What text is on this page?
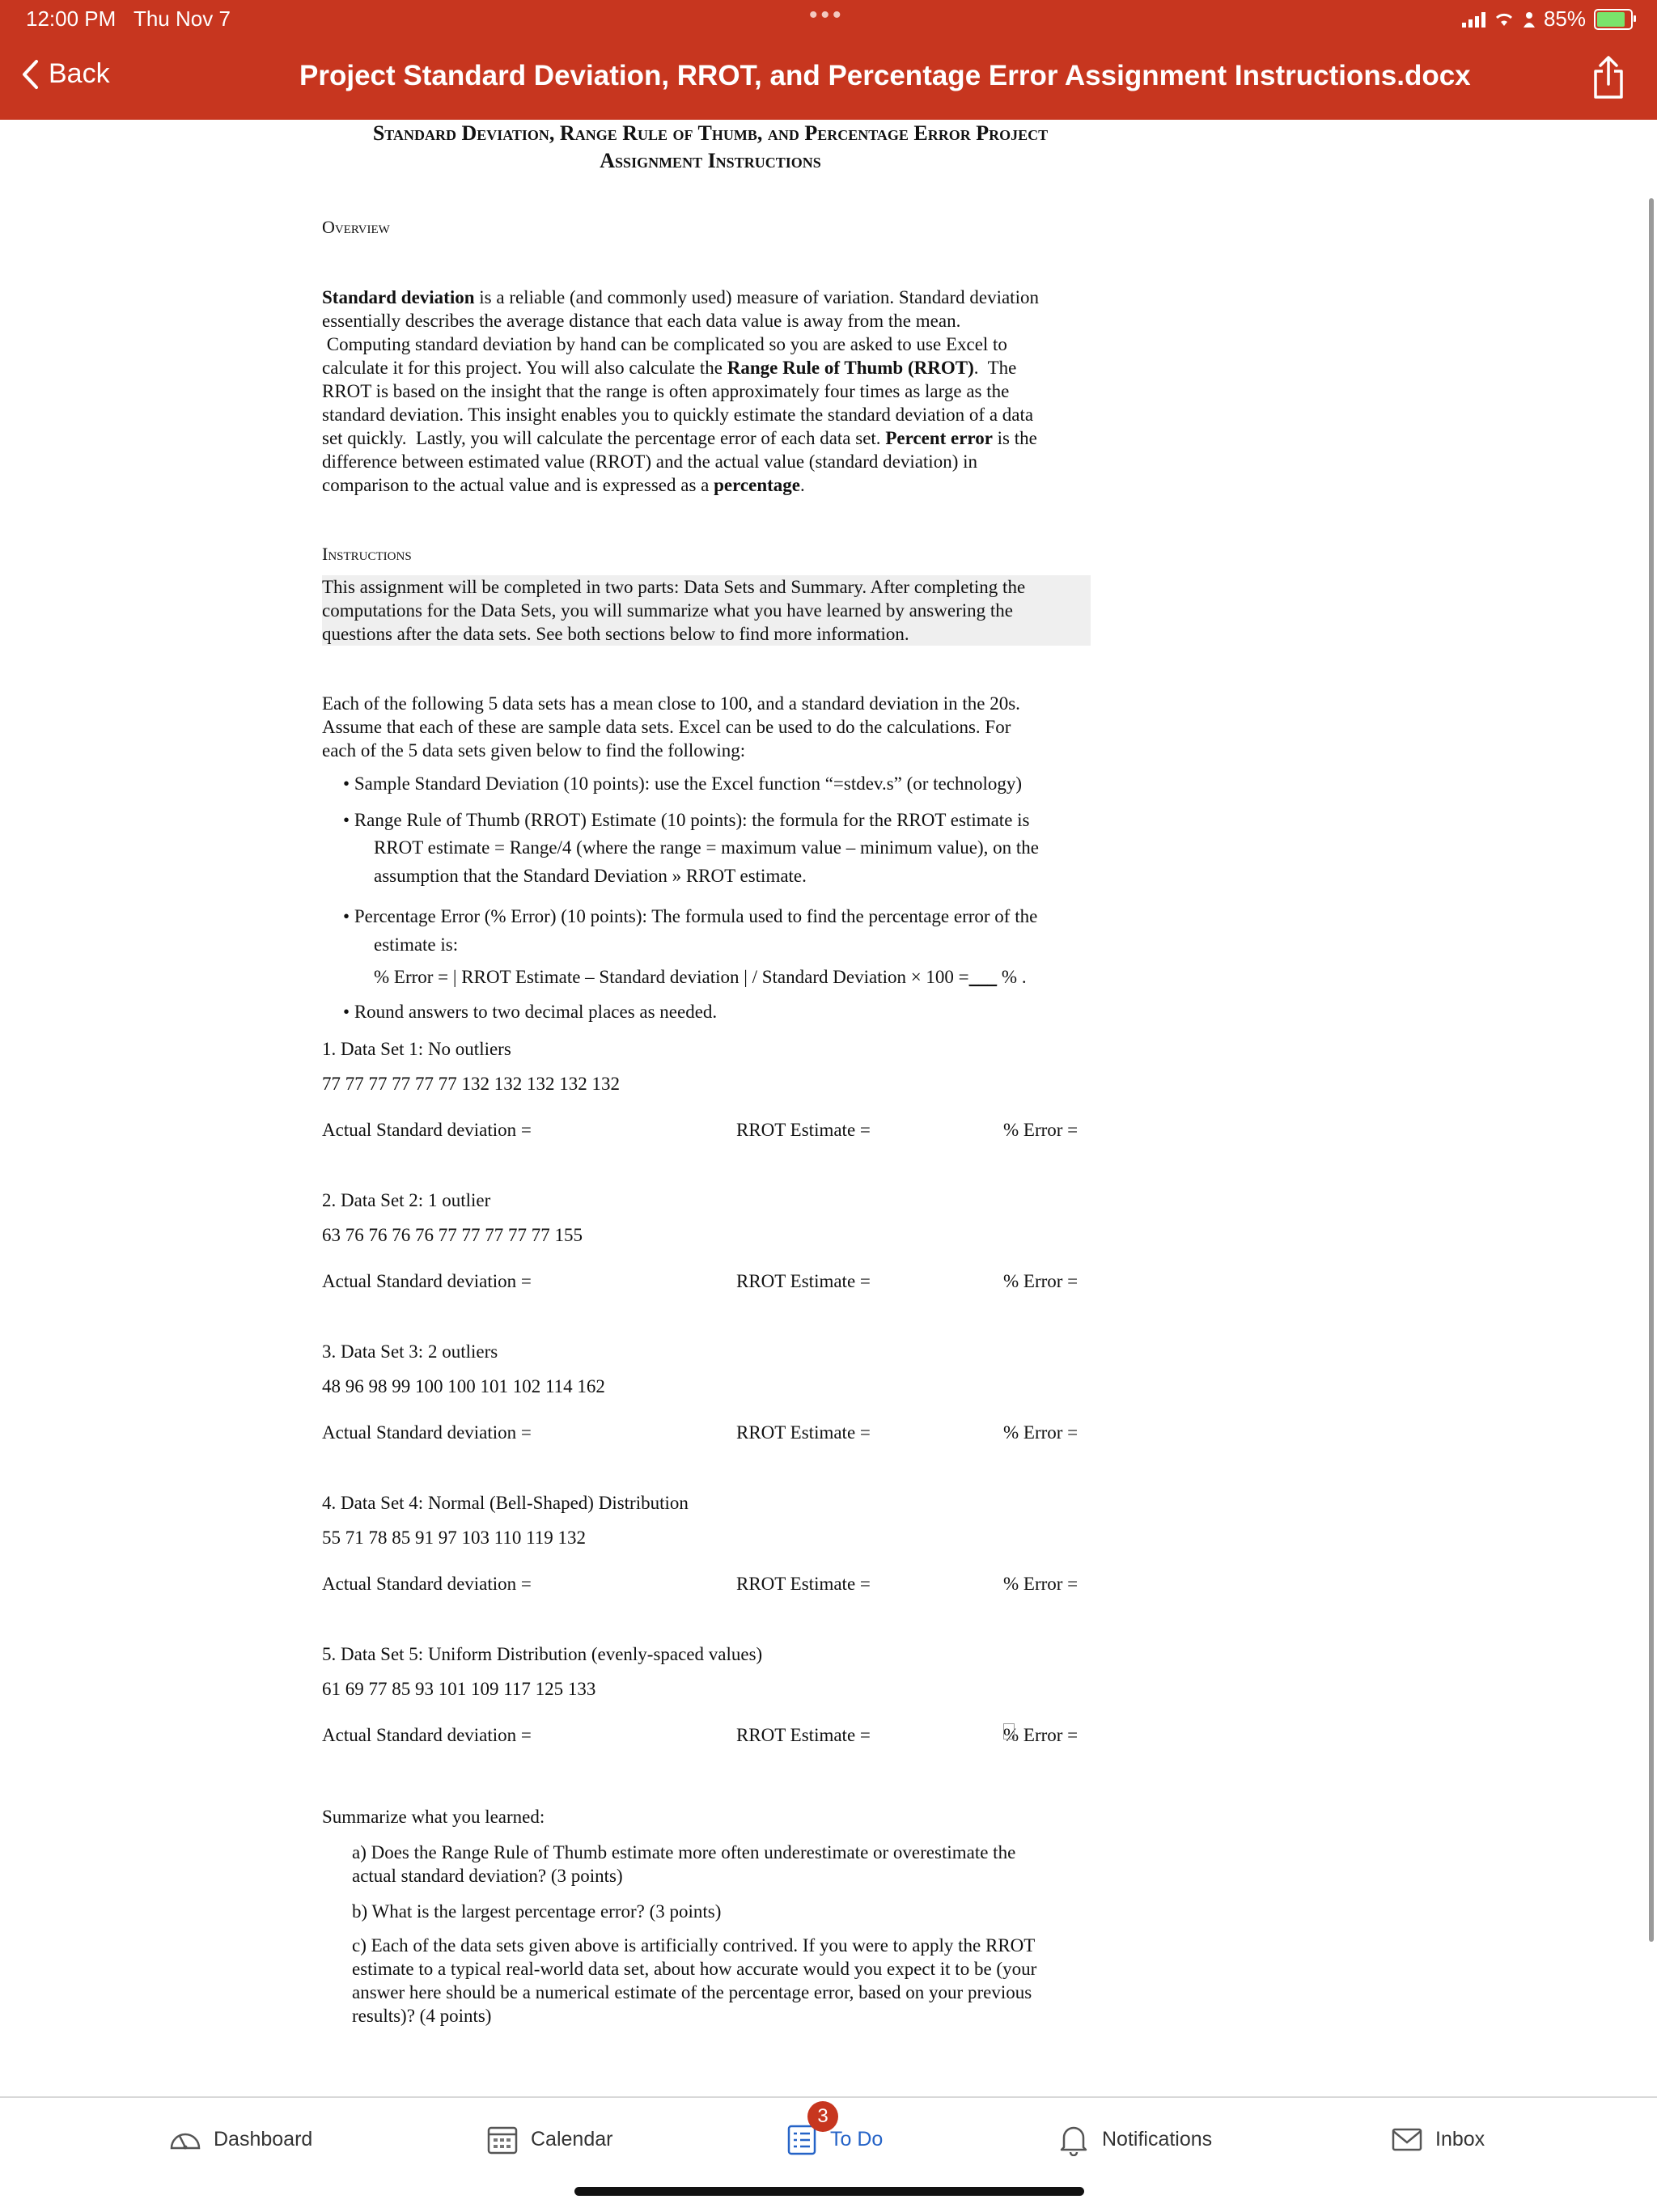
12:00 PM Thu Nov 7	•••	85%
Back	Project Standard Deviation, RROT, and Percentage Error Assignment Instructions.docx
Standard Deviation, Range Rule of Thumb, and Percentage Error Project
Assignment Instructions
Overview
Standard deviation is a reliable (and commonly used) measure of variation. Standard deviation
essentially describes the average distance that each data value is away from the mean.
Computing standard deviation by hand can be complicated so you are asked to use Excel to
calculate it for this project. You will also calculate the Range Rule of Thumb (RROT).  The
RROT is based on the insight that the range is often approximately four times as large as the
standard deviation. This insight enables you to quickly estimate the standard deviation of a data
set quickly.  Lastly, you will calculate the percentage error of each data set. Percent error is the
difference between estimated value (RROT) and the actual value (standard deviation) in
comparison to the actual value and is expressed as a percentage.
Instructions
This assignment will be completed in two parts: Data Sets and Summary. After completing the
computations for the Data Sets, you will summarize what you have learned by answering the
questions after the data sets. See both sections below to find more information.
Each of the following 5 data sets has a mean close to 100, and a standard deviation in the 20s.
Assume that each of these are sample data sets. Excel can be used to do the calculations. For
each of the 5 data sets given below to find the following:
• Sample Standard Deviation (10 points): use the Excel function “=stdev.s” (or technology)
• Range Rule of Thumb (RROT) Estimate (10 points): the formula for the RROT estimate is
RROT estimate = Range/4 (where the range = maximum value – minimum value), on the
assumption that the Standard Deviation » RROT estimate.
• Percentage Error (% Error) (10 points): The formula used to find the percentage error of the
estimate is:
% Error = | RROT Estimate – Standard deviation | / Standard Deviation × 100 =___ % .
• Round answers to two decimal places as needed.
1. Data Set 1: No outliers
77 77 77 77 77 77 132 132 132 132 132
Actual Standard deviation =	RROT Estimate =	% Error =
2. Data Set 2: 1 outlier
63 76 76 76 76 77 77 77 77 77 155
Actual Standard deviation =	RROT Estimate =	% Error =
3. Data Set 3: 2 outliers
48 96 98 99 100 100 101 102 114 162
Actual Standard deviation =	RROT Estimate =	% Error =
4. Data Set 4: Normal (Bell-Shaped) Distribution
55 71 78 85 91 97 103 110 119 132
Actual Standard deviation =	RROT Estimate =	% Error =
5. Data Set 5: Uniform Distribution (evenly-spaced values)
61 69 77 85 93 101 109 117 125 133
Actual Standard deviation =	RROT Estimate =	% Error =
Summarize what you learned:
a) Does the Range Rule of Thumb estimate more often underestimate or overestimate the
actual standard deviation? (3 points)
b) What is the largest percentage error? (3 points)
c) Each of the data sets given above is artificially contrived. If you were to apply the RROT
estimate to a typical real-world data set, about how accurate would you expect it to be (your
answer here should be a numerical estimate of the percentage error, based on your previous
results)? (4 points)
Dashboard	Calendar
3
To Do	Notifications	Inbox
